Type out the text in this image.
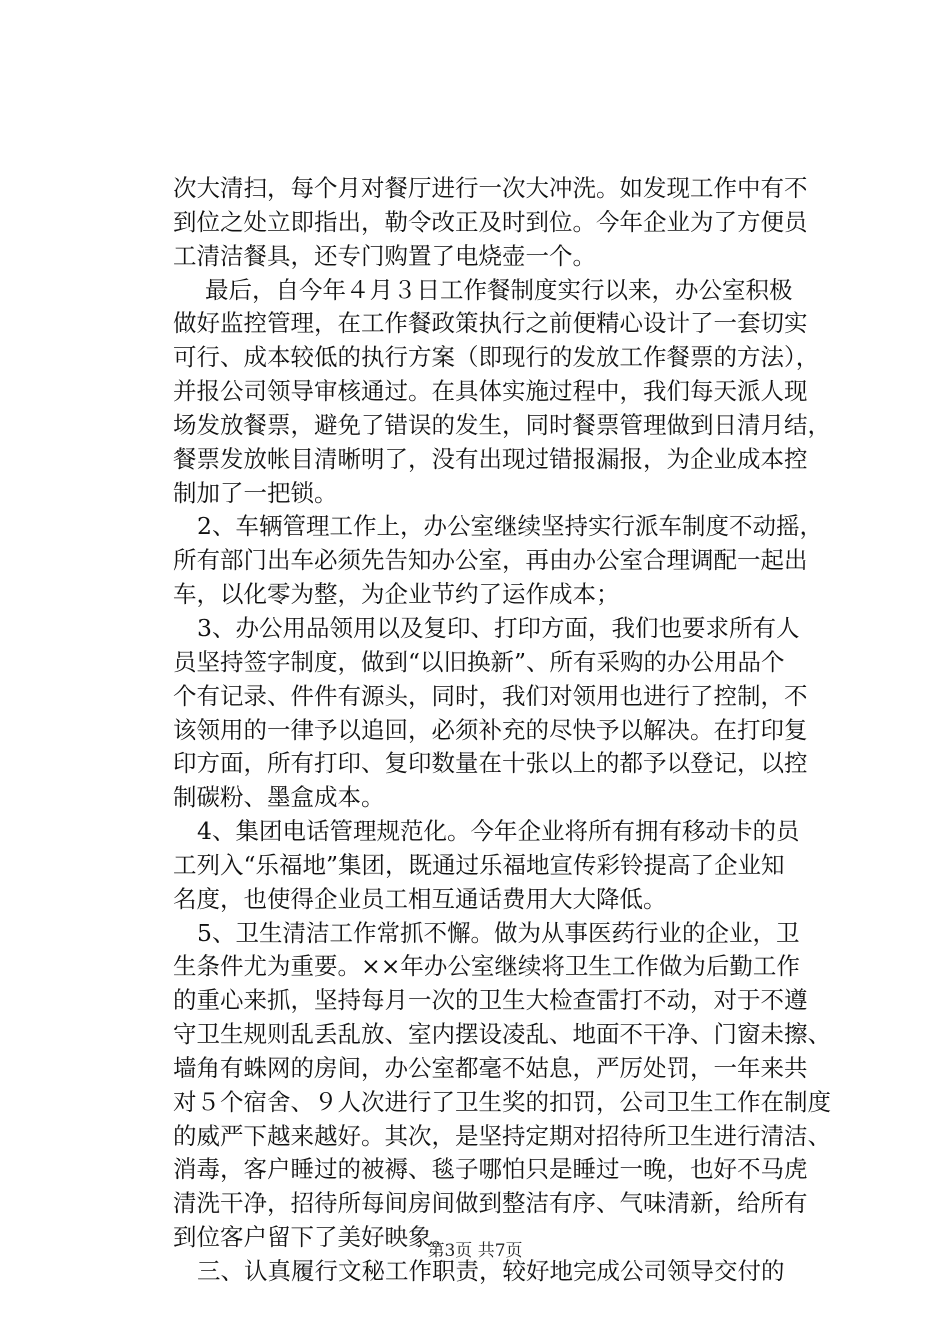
次大清扫，每个月对餐厅进行一次大冲洗。如发现工作中有不
到位之处立即指出，勒令改正及时到位。今年企业为了方便员
工清洁餐具，还专门购置了电烧壶一个。
最后，自今年４月３日工作餐制度实行以来，办公室积极
做好监控管理，在工作餐政策执行之前便精心设计了一套切实
可行、成本较低的执行方案（即现行的发放工作餐票的方法），
并报公司领导审核通过。在具体实施过程中，我们每天派人现
场发放餐票，避免了错误的发生，同时餐票管理做到日清月结，
餐票发放帐目清晰明了，没有出现过错报漏报，为企业成本控
制加了一把锁。
2、车辆管理工作上，办公室继续坚持实行派车制度不动摇，
所有部门出车必须先告知办公室，再由办公室合理调配一起出
车，以化零为整，为企业节约了运作成本；
3、办公用品领用以及复印、打印方面，我们也要求所有人
员坚持签字制度，做到“以旧换新”、所有采购的办公用品个
个有记录、件件有源头，同时，我们对领用也进行了控制，不
该领用的一律予以追回，必须补充的尽快予以解决。在打印复
印方面，所有打印、复印数量在十张以上的都予以登记，以控
制碳粉、墨盒成本。
4、集团电话管理规范化。今年企业将所有拥有移动卡的员
工列入“乐福地”集团，既通过乐福地宣传彩铃提高了企业知
名度，也使得企业员工相互通话费用大大降低。
5、卫生清洁工作常抓不懈。做为从事医药行业的企业，卫
生条件尤为重要。××年办公室继续将卫生工作做为后勤工作
的重心来抓，坚持每月一次的卫生大检查雷打不动，对于不遵
守卫生规则乱丢乱放、室内摆设凌乱、地面不干净、门窗未擦、
墙角有蛛网的房间，办公室都毫不姑息，严厉处罚，一年来共
对５个宿舍、９人次进行了卫生奖的扣罚，公司卫生工作在制度
的威严下越来越好。其次，是坚持定期对招待所卫生进行清洁、
消毒，客户睡过的被褥、毯子哪怕只是睡过一晚，也好不马虎
清洗干净，招待所每间房间做到整洁有序、气味清新，给所有
到位客户留下了美好映象。
三、认真履行文秘工作职责，较好地完成公司领导交付的
第3页 共7页
